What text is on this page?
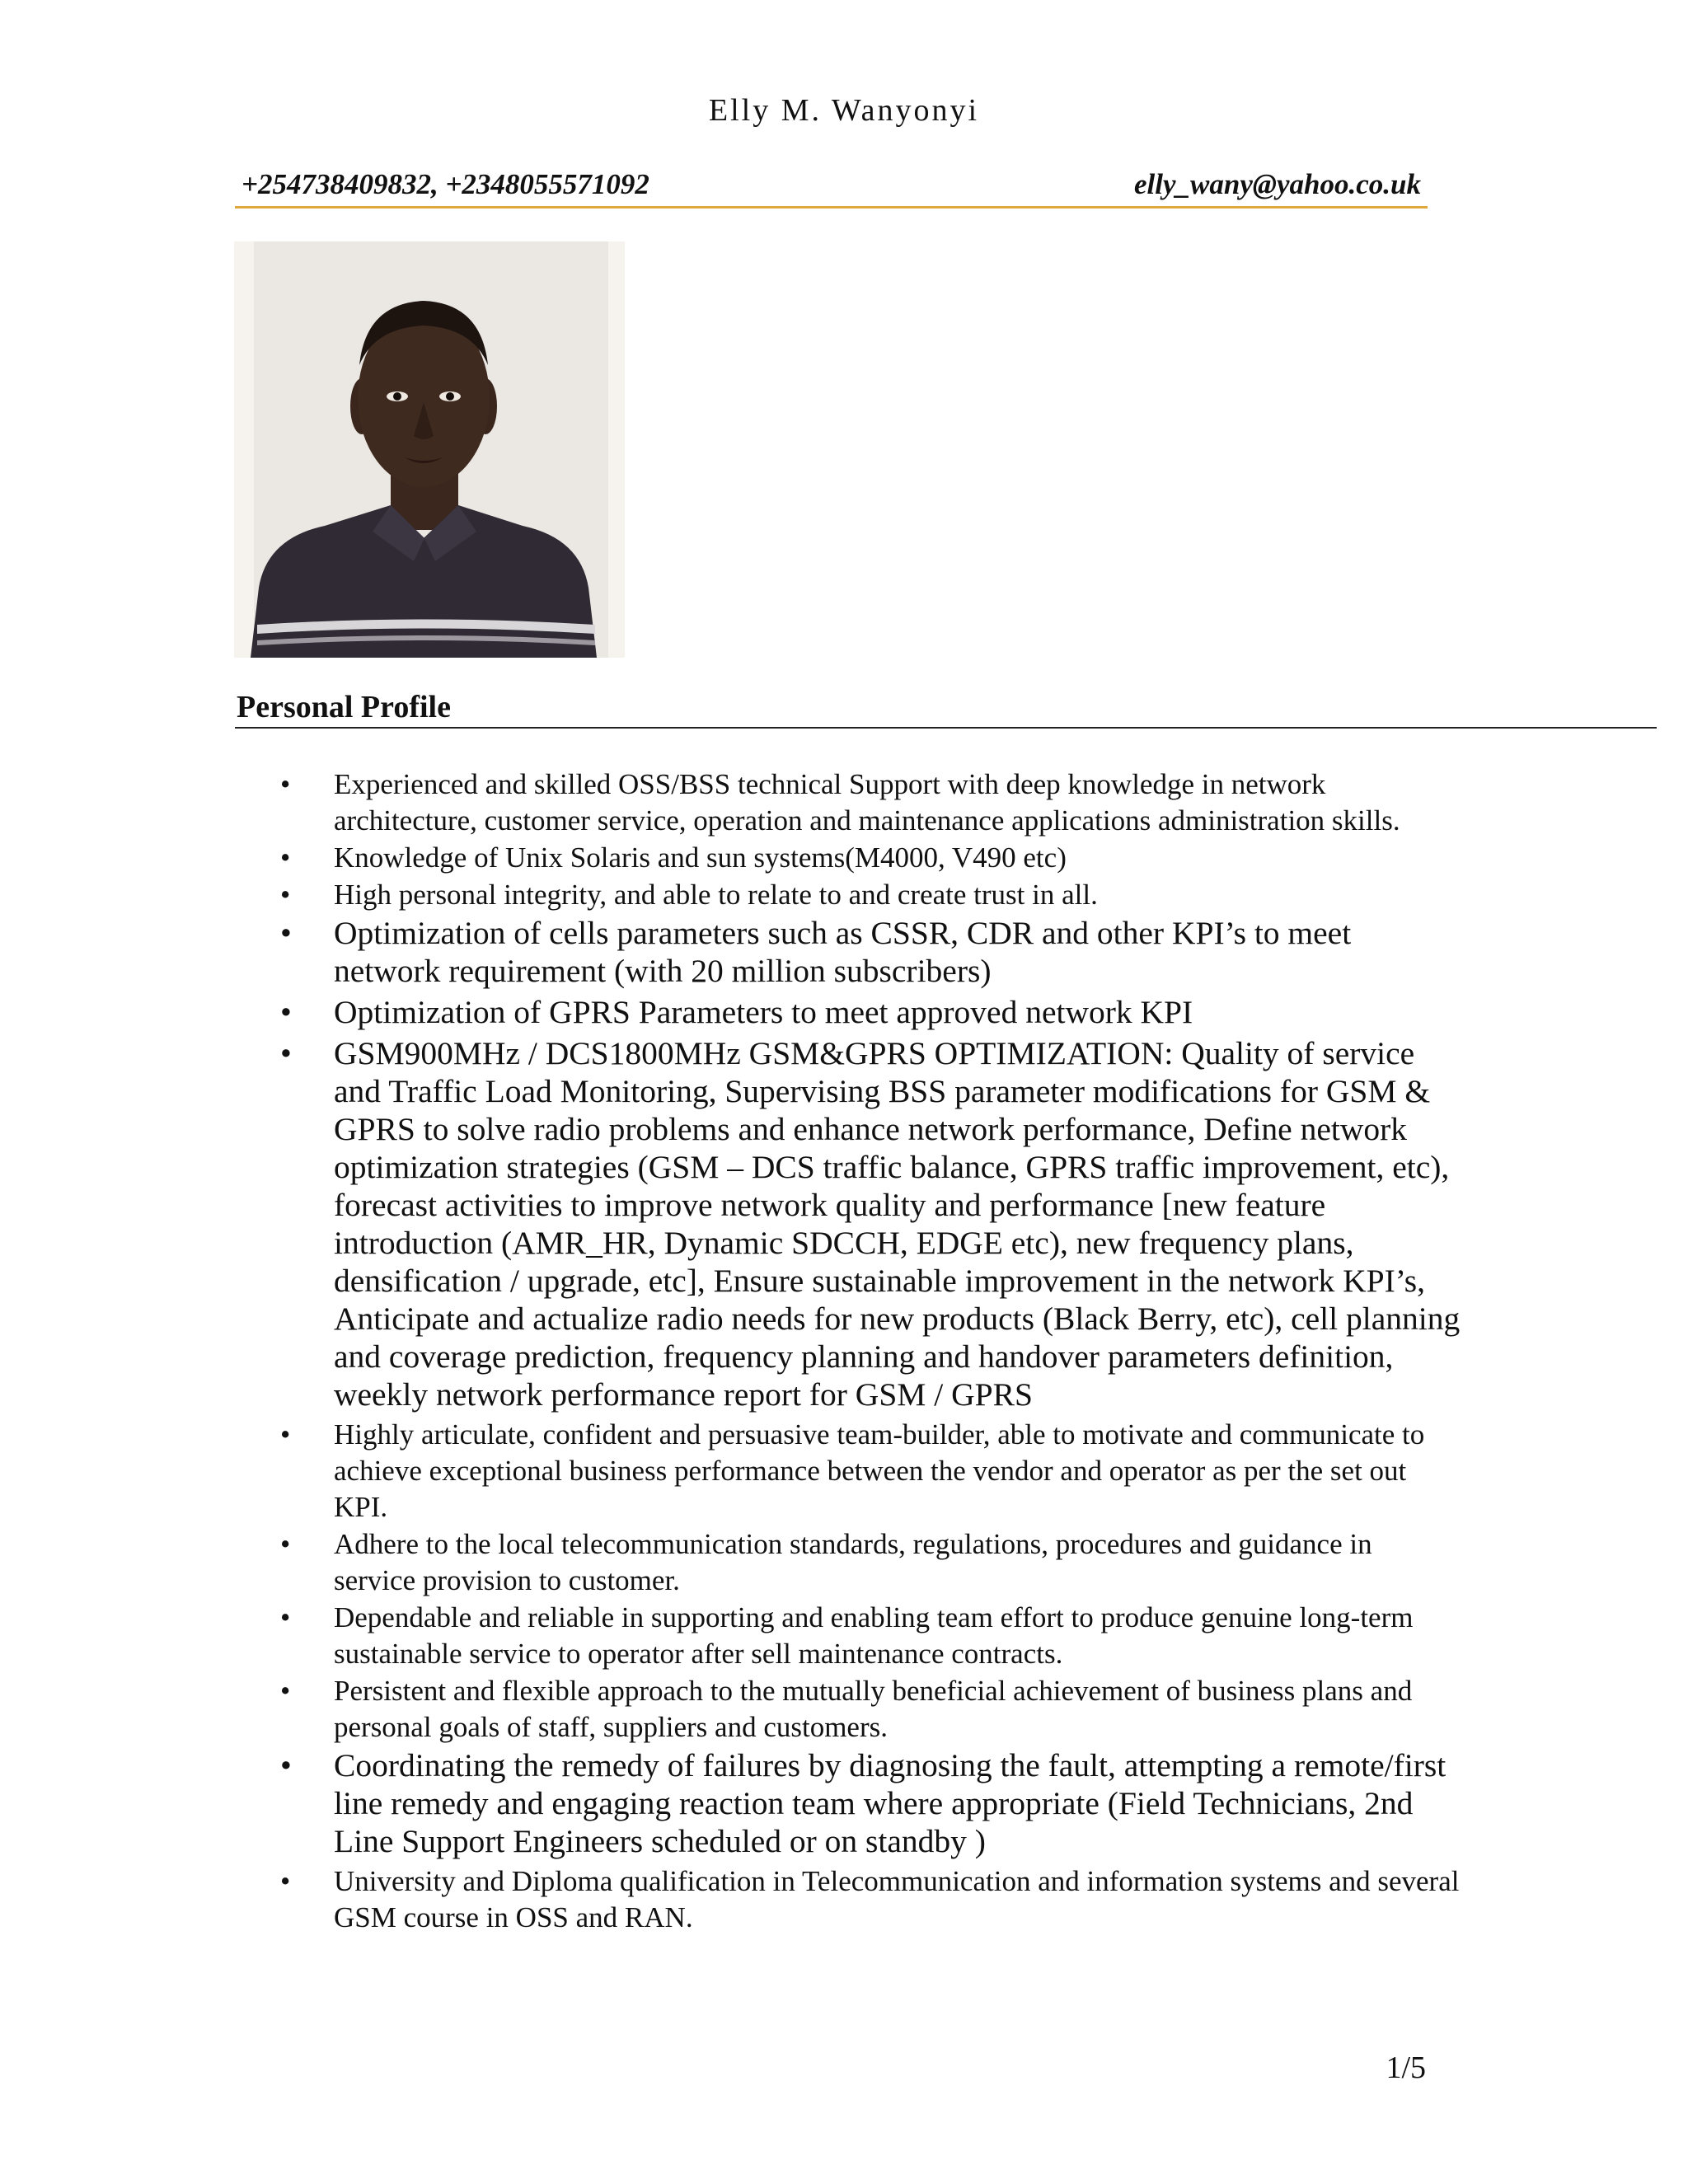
Elly M. Wanyonyi
+254738409832, +2348055571092	elly_wany@yahoo.co.uk
Personal Profile
• Experienced and skilled OSS/BSS technical Support with deep knowledge in network architecture, customer service, operation and maintenance applications administration skills.
• Knowledge of Unix Solaris and sun systems(M4000, V490 etc)
• High personal integrity, and able to relate to and create trust in all.
• Optimization of cells parameters such as CSSR, CDR and other KPI’s to meet network requirement (with 20 million subscribers)
• Optimization of GPRS Parameters to meet approved network KPI
• GSM900MHz / DCS1800MHz GSM&GPRS OPTIMIZATION: Quality of service and Traffic Load Monitoring, Supervising BSS parameter modifications for GSM & GPRS to solve radio problems and enhance network performance, Define network optimization strategies (GSM – DCS traffic balance, GPRS traffic improvement, etc), forecast activities to improve network quality and performance [new feature introduction (AMR_HR, Dynamic SDCCH, EDGE etc), new frequency plans, densification / upgrade, etc], Ensure sustainable improvement in the network KPI’s, Anticipate and actualize radio needs for new products (Black Berry, etc), cell planning and coverage prediction, frequency planning and handover parameters definition, weekly network performance report for GSM / GPRS
• Highly articulate, confident and persuasive team-builder, able to motivate and communicate to achieve exceptional business performance between the vendor and operator as per the set out KPI.
• Adhere to the local telecommunication standards, regulations, procedures and guidance in service provision to customer.
• Dependable and reliable in supporting and enabling team effort to produce genuine long-term sustainable service to operator after sell maintenance contracts.
• Persistent and flexible approach to the mutually beneficial achievement of business plans and personal goals of staff, suppliers and customers.
• Coordinating the remedy of failures by diagnosing the fault, attempting a remote/first line remedy and engaging reaction team where appropriate (Field Technicians, 2nd Line Support Engineers scheduled or on standby )
• University and Diploma qualification in Telecommunication and information systems and several GSM course in OSS and RAN.
1/5
